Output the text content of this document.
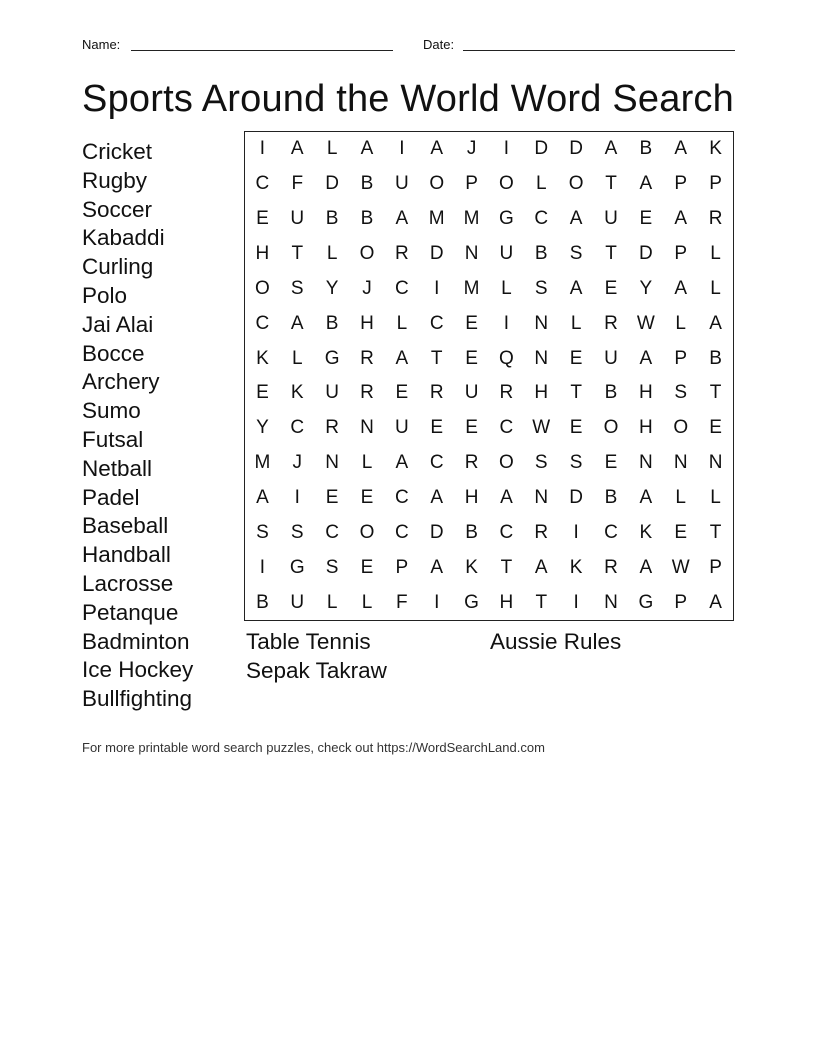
Name:	Date:
Sports Around the World Word Search
Cricket
Rugby
Soccer
Kabaddi
Curling
Polo
Jai Alai
Bocce
Archery
Sumo
Futsal
Netball
Padel
Baseball
Handball
Lacrosse
Petanque
Badminton
Ice Hockey
Bullfighting
I	A	L	A	I	A	J	I	D	D	A	B	A	K
C	F	D	B	U	O	P	O	L	O	T	A	P	P
E	U	B	B	A	M	M	G	C	A	U	E	A	R
H	T	L	O	R	D	N	U	B	S	T	D	P	L
O	S	Y	J	C	I	M	L	S	A	E	Y	A	L
C	A	B	H	L	C	E	I	N	L	R	W	L	A
K	L	G	R	A	T	E	Q	N	E	U	A	P	B
E	K	U	R	E	R	U	R	H	T	B	H	S	T
Y	C	R	N	U	E	E	C	W	E	O	H	O	E
M	J	N	L	A	C	R	O	S	S	E	N	N	N
A	I	E	E	C	A	H	A	N	D	B	A	L	L
S	S	C	O	C	D	B	C	R	I	C	K	E	T
I	G	S	E	P	A	K	T	A	K	R	A	W	P
B	U	L	L	F	I	G	H	T	I	N	G	P	A
Table Tennis
Sepak Takraw
Aussie Rules
For more printable word search puzzles, check out https://WordSearchLand.com
